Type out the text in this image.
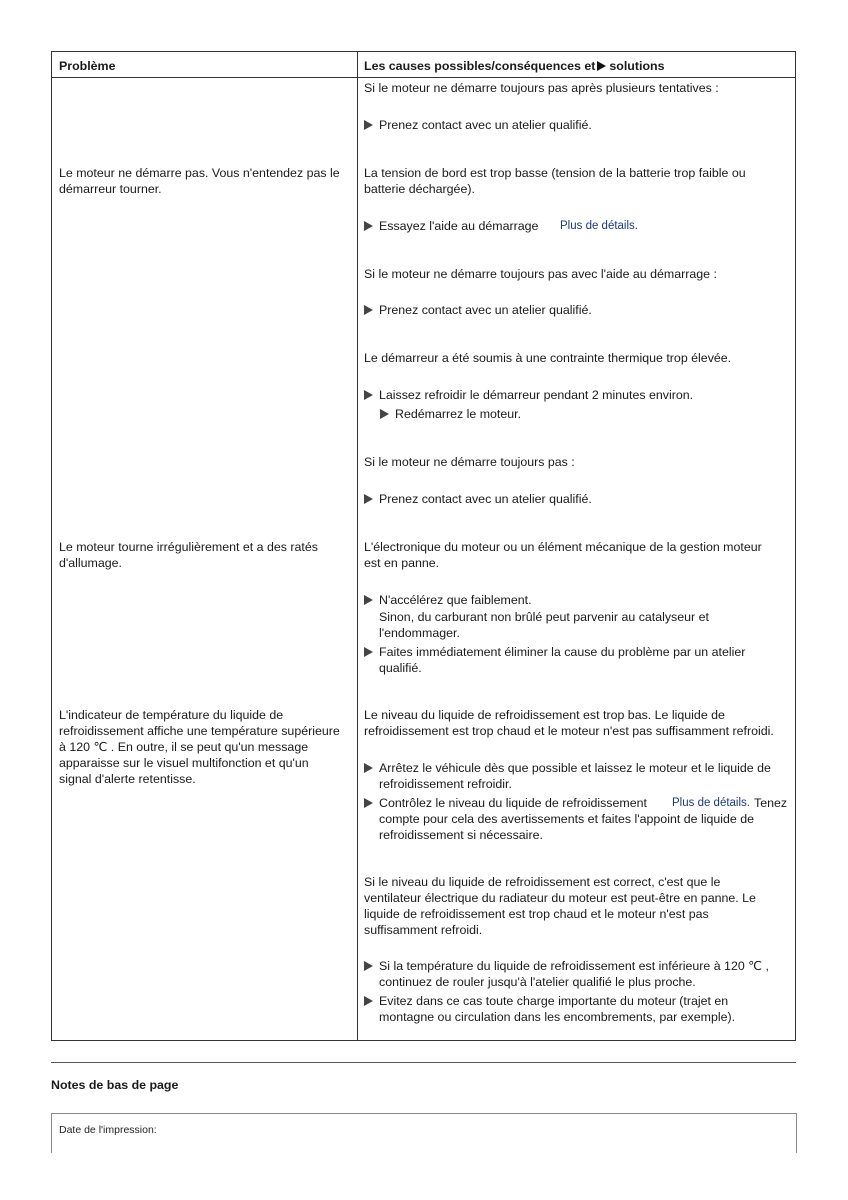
Problème	Les causes possibles/conséquences et solutions
Le moteur ne démarre pas. Vous n'entendez pas le
démarreur tourner.
Le moteur tourne irrégulièrement et a des ratés
d'allumage.
L'indicateur de température du liquide de
refroidissement affiche une température supérieure
à 120 ℃ . En outre, il se peut qu'un message
apparaisse sur le visuel multifonction et qu'un
signal d'alerte retentisse.
Si le moteur ne démarre toujours pas après plusieurs tentatives :
Prenez contact avec un atelier qualifié.
La tension de bord est trop basse (tension de la batterie trop faible ou
batterie déchargée).
Essayez l'aide au démarrage Plus de détails.
Si le moteur ne démarre toujours pas avec l'aide au démarrage :
Prenez contact avec un atelier qualifié.
Le démarreur a été soumis à une contrainte thermique trop élevée.
Laissez refroidir le démarreur pendant 2 minutes environ.
Redémarrez le moteur.
Si le moteur ne démarre toujours pas :
Prenez contact avec un atelier qualifié.
L'électronique du moteur ou un élément mécanique de la gestion moteur
est en panne.
N'accélérez que faiblement.
Sinon, du carburant non brûlé peut parvenir au catalyseur et
l'endommager.
Faites immédiatement éliminer la cause du problème par un atelier
qualifié.
Le niveau du liquide de refroidissement est trop bas. Le liquide de
refroidissement est trop chaud et le moteur n'est pas suffisamment refroidi.
Arrêtez le véhicule dès que possible et laissez le moteur et le liquide de
refroidissement refroidir.
Contrôlez le niveau du liquide de refroidissement Plus de détails. Tenez
compte pour cela des avertissements et faites l'appoint de liquide de
refroidissement si nécessaire.
Si le niveau du liquide de refroidissement est correct, c'est que le
ventilateur électrique du radiateur du moteur est peut-être en panne. Le
liquide de refroidissement est trop chaud et le moteur n'est pas
suffisamment refroidi.
Si la température du liquide de refroidissement est inférieure à 120 ℃ ,
continuez de rouler jusqu'à l'atelier qualifié le plus proche.
Evitez dans ce cas toute charge importante du moteur (trajet en
montagne ou circulation dans les encombrements, par exemple).
Notes de bas de page
Date de l'impression:
